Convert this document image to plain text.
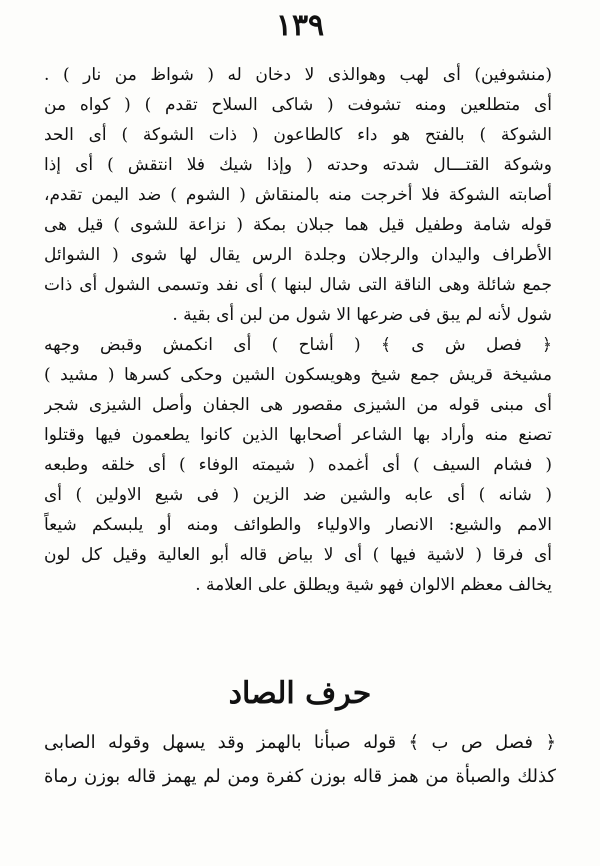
١٣٩
(منشوفين) أى لهب وهوالذى لا دخان له ( شواظ من نار ) .
أى متطلعين ومنه تشوفت ( شاكى السلاح تقدم ) ( كواه من
الشوكة ) بالفتح هو داء كالطاعون ( ذات الشوكة ) أى الحد
وشوكة القتـــال شدته وحدته ( وإذا شيك فلا انتقش ) أى إذا
أصابته الشوكة فلا أخرجت منه بالمنقاش ( الشوم ) ضد اليمن تقدم،
قوله شامة وطفيل قيل هما جبلان بمكة ( نزاعة للشوى ) قيل هى
الأطراف واليدان والرجلان وجلدة الرس يقال لها شوى ( الشوائل
جمع شائلة وهى الناقة التى شال لبنها ) أى نفد وتسمى الشول أى ذات
شول لأنه لم يبق فى ضرعها الا شول من لبن أى بقية .
﴿ فصل ش ى ﴾ ( أشاح ) أى انكمش وقبض وجهه
مشيخة قريش جمع شيخ وهويسكون الشين وحكى كسرها ( مشيد )
أى مبنى قوله من الشيزى مقصور هى الجفان وأصل الشيزى شجر
تصنع منه وأراد بها الشاعر أصحابها الذين كانوا يطعمون فيها وقتلوا
( فشام السيف ) أى أغمده ( شيمته الوفاء ) أى خلقه وطبعه
( شانه ) أى عابه والشين ضد الزين ( فى شيع الاولين ) أى
الامم والشيع: الانصار والاولياء والطوائف ومنه أو يلبسكم شيعاً
أى فرقا ( لاشية فيها ) أى لا بياض قاله أبو العالية وقيل كل لون
يخالف معظم الالوان فهو شية ويطلق على العلامة .
حرف الصاد
﴿ فصل ص ب ﴾ قوله صبأنا بالهمز وقد يسهل وقوله الصابى
كذلك والصبأة من همز قاله بوزن كفرة ومن لم يهمز قاله بوزن رماة
